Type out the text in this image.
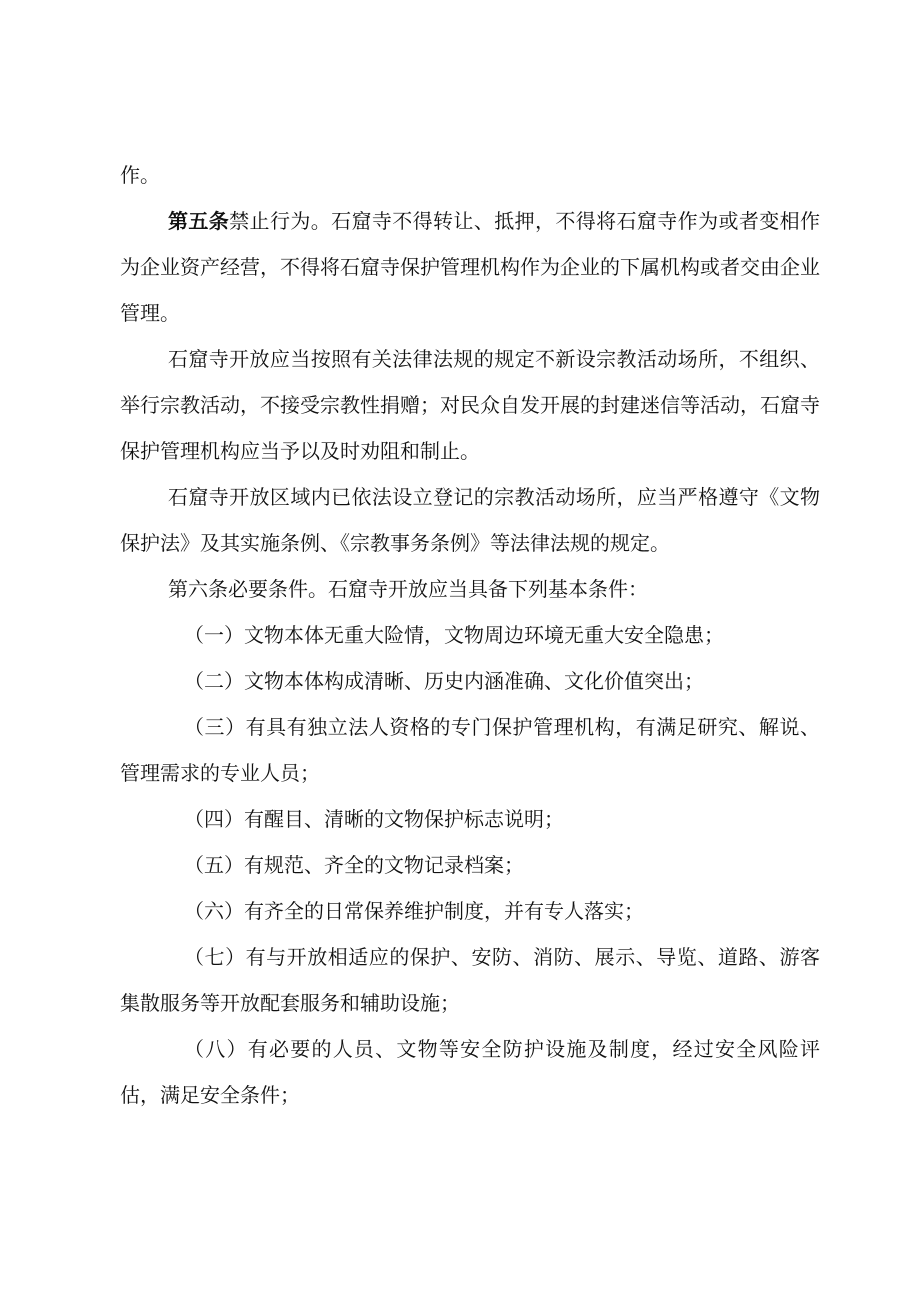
作。

第五条禁止行为。石窟寺不得转让、抵押，不得将石窟寺作为或者变相作为企业资产经营，不得将石窟寺保护管理机构作为企业的下属机构或者交由企业管理。

石窟寺开放应当按照有关法律法规的规定不新设宗教活动场所，不组织、举行宗教活动，不接受宗教性捐赠；对民众自发开展的封建迷信等活动，石窟寺保护管理机构应当予以及时劝阻和制止。

石窟寺开放区域内已依法设立登记的宗教活动场所，应当严格遵守《文物保护法》及其实施条例、《宗教事务条例》等法律法规的规定。

第六条必要条件。石窟寺开放应当具备下列基本条件：

（一）文物本体无重大险情，文物周边环境无重大安全隐患；

（二）文物本体构成清晰、历史内涵准确、文化价值突出；

（三）有具有独立法人资格的专门保护管理机构，有满足研究、解说、管理需求的专业人员；

（四）有醒目、清晰的文物保护标志说明；

（五）有规范、齐全的文物记录档案；

（六）有齐全的日常保养维护制度，并有专人落实；

（七）有与开放相适应的保护、安防、消防、展示、导览、道路、游客集散服务等开放配套服务和辅助设施；

（八）有必要的人员、文物等安全防护设施及制度，经过安全风险评估，满足安全条件；
